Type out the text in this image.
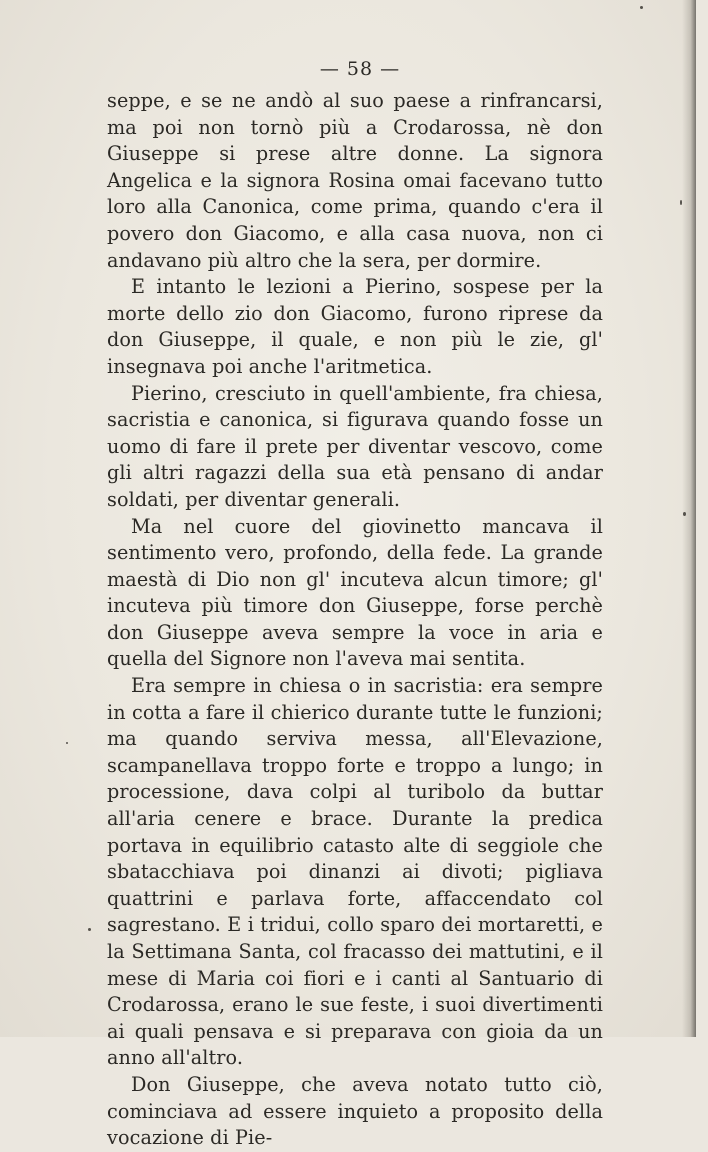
— 58 —

seppe, e se ne andò al suo paese a rinfrancarsi, ma poi non tornò più a Crodarossa, nè don Giuseppe si prese altre donne. La signora Angelica e la signora Rosina omai facevano tutto loro alla Canonica, come prima, quando c'era il povero don Giacomo, e alla casa nuova, non ci andavano più altro che la sera, per dormire.

E intanto le lezioni a Pierino, sospese per la morte dello zio don Giacomo, furono riprese da don Giuseppe, il quale, e non più le zie, gl' insegnava poi anche l'aritmetica.

Pierino, cresciuto in quell'ambiente, fra chiesa, sacristia e canonica, si figurava quando fosse un uomo di fare il prete per diventar vescovo, come gli altri ragazzi della sua età pensano di andar soldati, per diventar generali.

Ma nel cuore del giovinetto mancava il sentimento vero, profondo, della fede. La grande maestà di Dio non gl' incuteva alcun timore; gl' incuteva più timore don Giuseppe, forse perchè don Giuseppe aveva sempre la voce in aria e quella del Signore non l'aveva mai sentita.

Era sempre in chiesa o in sacristia: era sempre in cotta a fare il chierico durante tutte le funzioni; ma quando serviva messa, all'Elevazione, scampanellava troppo forte e troppo a lungo; in processione, dava colpi al turibolo da buttar all'aria cenere e brace. Durante la predica portava in equilibrio catasto alte di seggiole che sbatacchiava poi dinanzi ai divoti; pigliava quattrini e parlava forte, affaccendato col sagrestano. E i tridui, collo sparo dei mortaretti, e la Settimana Santa, col fracasso dei mattutini, e il mese di Maria coi fiori e i canti al Santuario di Crodarossa, erano le sue feste, i suoi divertimenti ai quali pensava e si preparava con gioia da un anno all'altro.

Don Giuseppe, che aveva notato tutto ciò, cominciava ad essere inquieto a proposito della vocazione di Pie-
